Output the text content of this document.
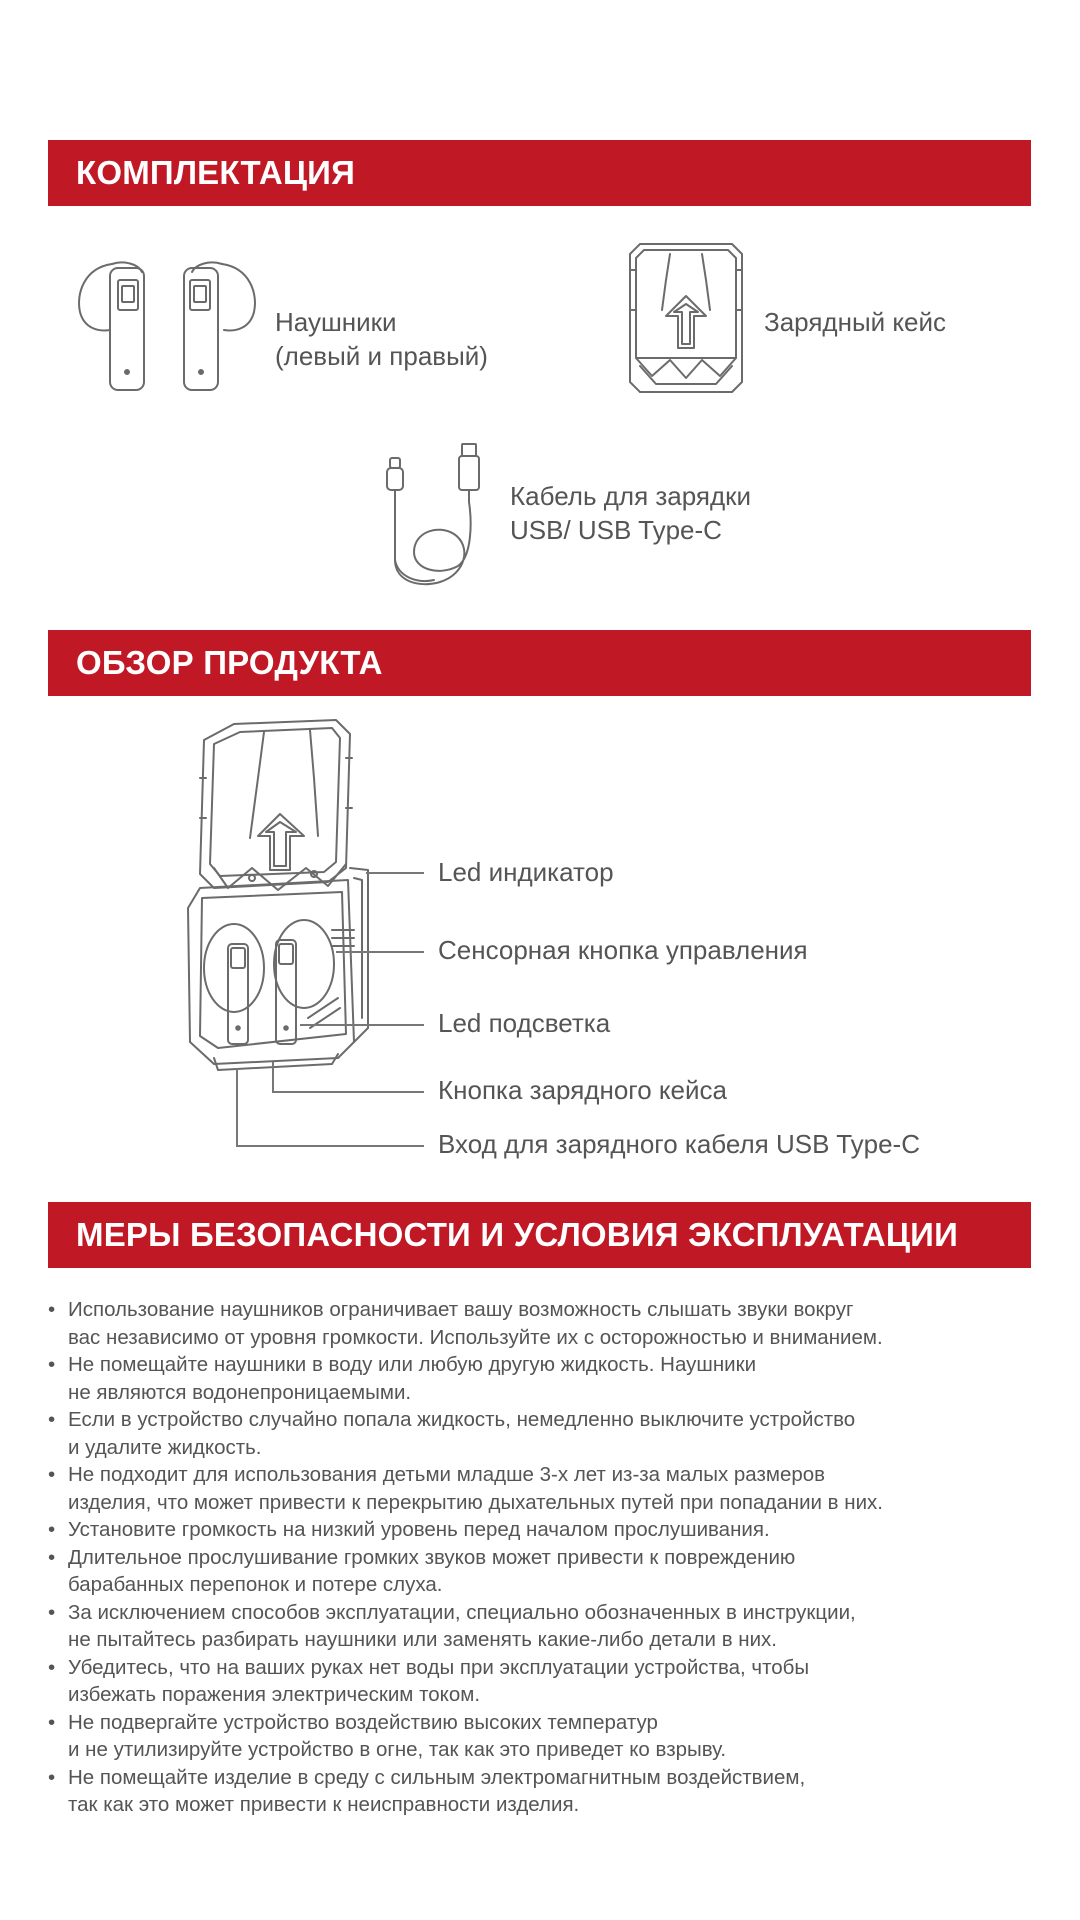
КОМПЛЕКТАЦИЯ
Наушники
(левый и правый)
Зарядный кейс
Кабель для зарядки
USB/ USB Type-C
ОБЗОР ПРОДУКТА
Led индикатор
Сенсорная кнопка управления
Led подсветка
Кнопка зарядного кейса
Вход для зарядного кабеля USB Type-C
МЕРЫ БЕЗОПАСНОСТИ И УСЛОВИЯ ЭКСПЛУАТАЦИИ
• Использование наушников ограничивает вашу возможность слышать звуки вокруг
вас независимо от уровня громкости. Используйте их с осторожностью и вниманием.
• Не помещайте наушники в воду или любую другую жидкость. Наушники
не являются водонепроницаемыми.
• Если в устройство случайно попала жидкость, немедленно выключите устройство
и удалите жидкость.
• Не подходит для использования детьми младше 3-х лет из-за малых размеров
изделия, что может привести к перекрытию дыхательных путей при попадании в них.
• Установите громкость на низкий уровень перед началом прослушивания.
• Длительное прослушивание громких звуков может привести к повреждению
барабанных перепонок и потере слуха.
• За исключением способов эксплуатации, специально обозначенных в инструкции,
не пытайтесь разбирать наушники или заменять какие-либо детали в них.
• Убедитесь, что на ваших руках нет воды при эксплуатации устройства, чтобы
избежать поражения электрическим током.
• Не подвергайте устройство воздействию высоких температур
и не утилизируйте устройство в огне, так как это приведет ко взрыву.
• Не помещайте изделие в среду с сильным электромагнитным воздействием,
так как это может привести к неисправности изделия.
